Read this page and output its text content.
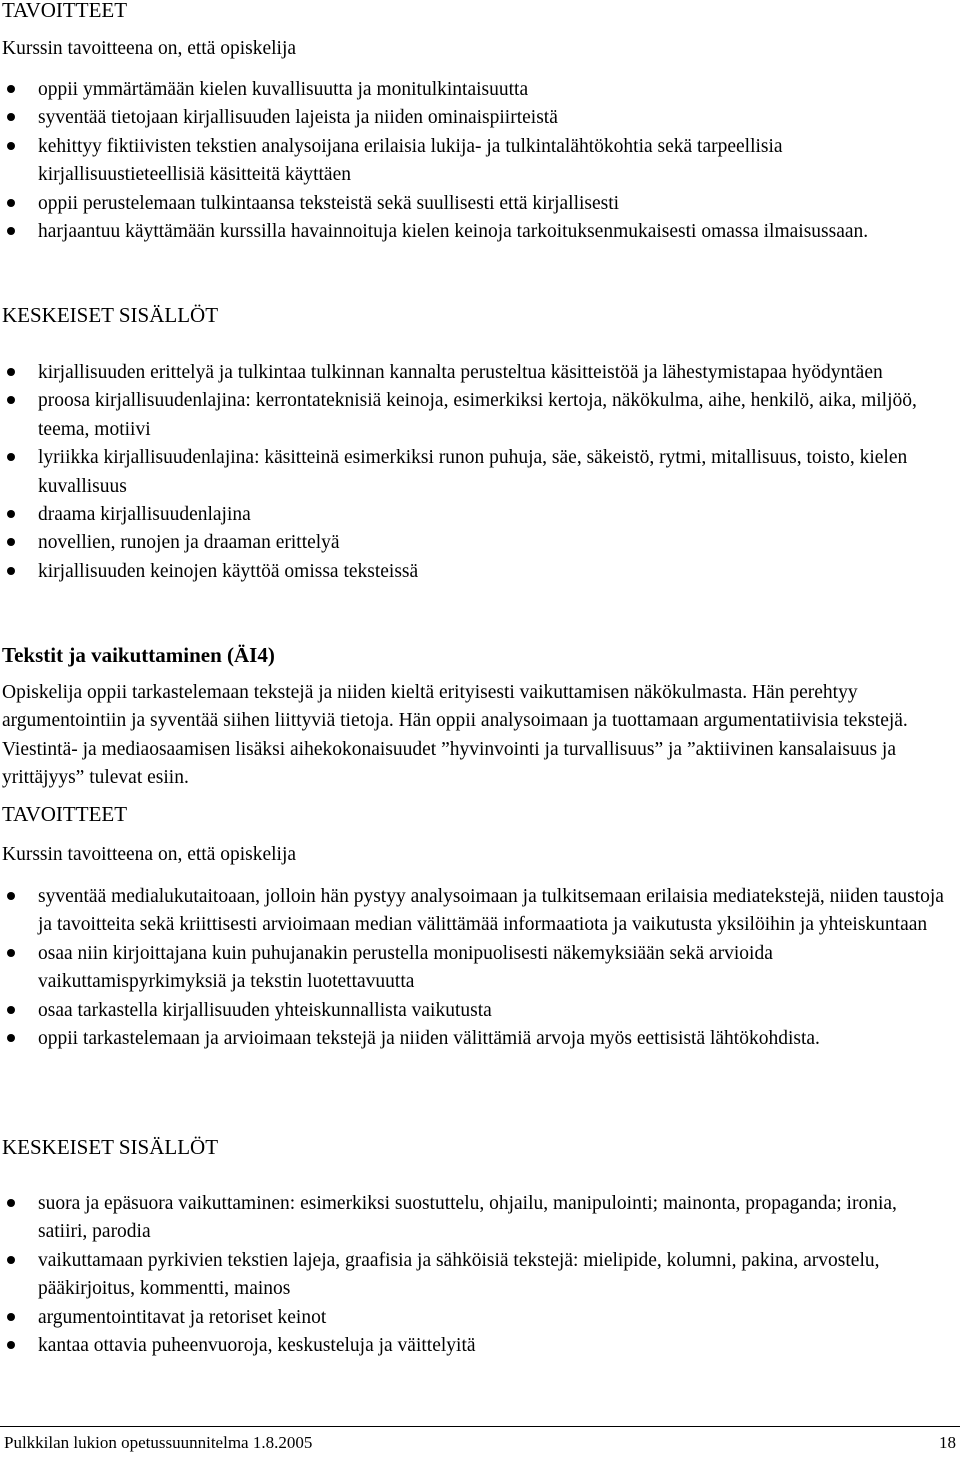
TAVOITTEET
Kurssin tavoitteena on, että opiskelija
oppii ymmärtämään kielen kuvallisuutta ja monitulkintaisuutta
syventää tietojaan kirjallisuuden lajeista ja niiden ominaispiirteistä
kehittyy fiktiivisten tekstien analysoijana erilaisia lukija- ja tulkintalähtökohtia sekä tarpeellisia kirjallisuustieteellisiä käsitteitä käyttäen
oppii perustelemaan tulkintaansa teksteistä sekä suullisesti että kirjallisesti
harjaantuu käyttämään kurssilla havainnoituja kielen keinoja tarkoituksenmukaisesti omassa ilmaisussaan.
KESKEISET SISÄLLÖT
kirjallisuuden erittelyä ja tulkintaa tulkinnan kannalta perusteltua käsitteistöä ja lähestymistapaa hyödyntäen
proosa kirjallisuudenlajina: kerrontateknisiä keinoja, esimerkiksi kertoja, näkökulma, aihe, henkilö, aika, miljöö, teema, motiivi
lyriikka kirjallisuudenlajina: käsitteinä esimerkiksi runon puhuja, säe, säkeistö, rytmi, mitallisuus, toisto, kielen kuvallisuus
draama kirjallisuudenlajina
novellien, runojen ja draaman erittelyä
kirjallisuuden keinojen käyttöä omissa teksteissä
Tekstit ja vaikuttaminen (ÄI4)
Opiskelija oppii tarkastelemaan tekstejä ja niiden kieltä erityisesti vaikuttamisen näkökulmasta. Hän perehtyy argumentointiin ja syventää siihen liittyviä tietoja. Hän oppii analysoimaan ja tuottamaan argumentatiivisia tekstejä. Viestintä- ja mediaosaamisen lisäksi aihekokonaisuudet ”hyvinvointi ja turvallisuus” ja ”aktiivinen kansalaisuus ja yrittäjyys” tulevat esiin.
TAVOITTEET
Kurssin tavoitteena on, että opiskelija
syventää medialukutaitoaan, jolloin hän pystyy analysoimaan ja tulkitsemaan erilaisia mediatekstejä, niiden taustoja ja tavoitteita sekä kriittisesti arvioimaan median välittämää informaatiota ja vaikutusta yksilöihin ja yhteiskuntaan
osaa niin kirjoittajana kuin puhujanakin perustella monipuolisesti näkemyksiään sekä arvioida vaikuttamispyrkimyksiä ja tekstin luotettavuutta
osaa tarkastella kirjallisuuden yhteiskunnallista vaikutusta
oppii tarkastelemaan ja arvioimaan tekstejä ja niiden välittämiä arvoja myös eettisistä lähtökohdista.
KESKEISET SISÄLLÖT
suora ja epäsuora vaikuttaminen: esimerkiksi suostuttelu, ohjailu, manipulointi; mainonta, propaganda; ironia, satiiri, parodia
vaikuttamaan pyrkivien tekstien lajeja, graafisia ja sähköisiä tekstejä: mielipide, kolumni, pakina, arvostelu, pääkirjoitus, kommentti, mainos
argumentointitavat ja retoriset keinot
kantaa ottavia puheenvuoroja, keskusteluja ja väittelyitä
Pulkkilan lukion opetussuunnitelma 1.8.2005	18
